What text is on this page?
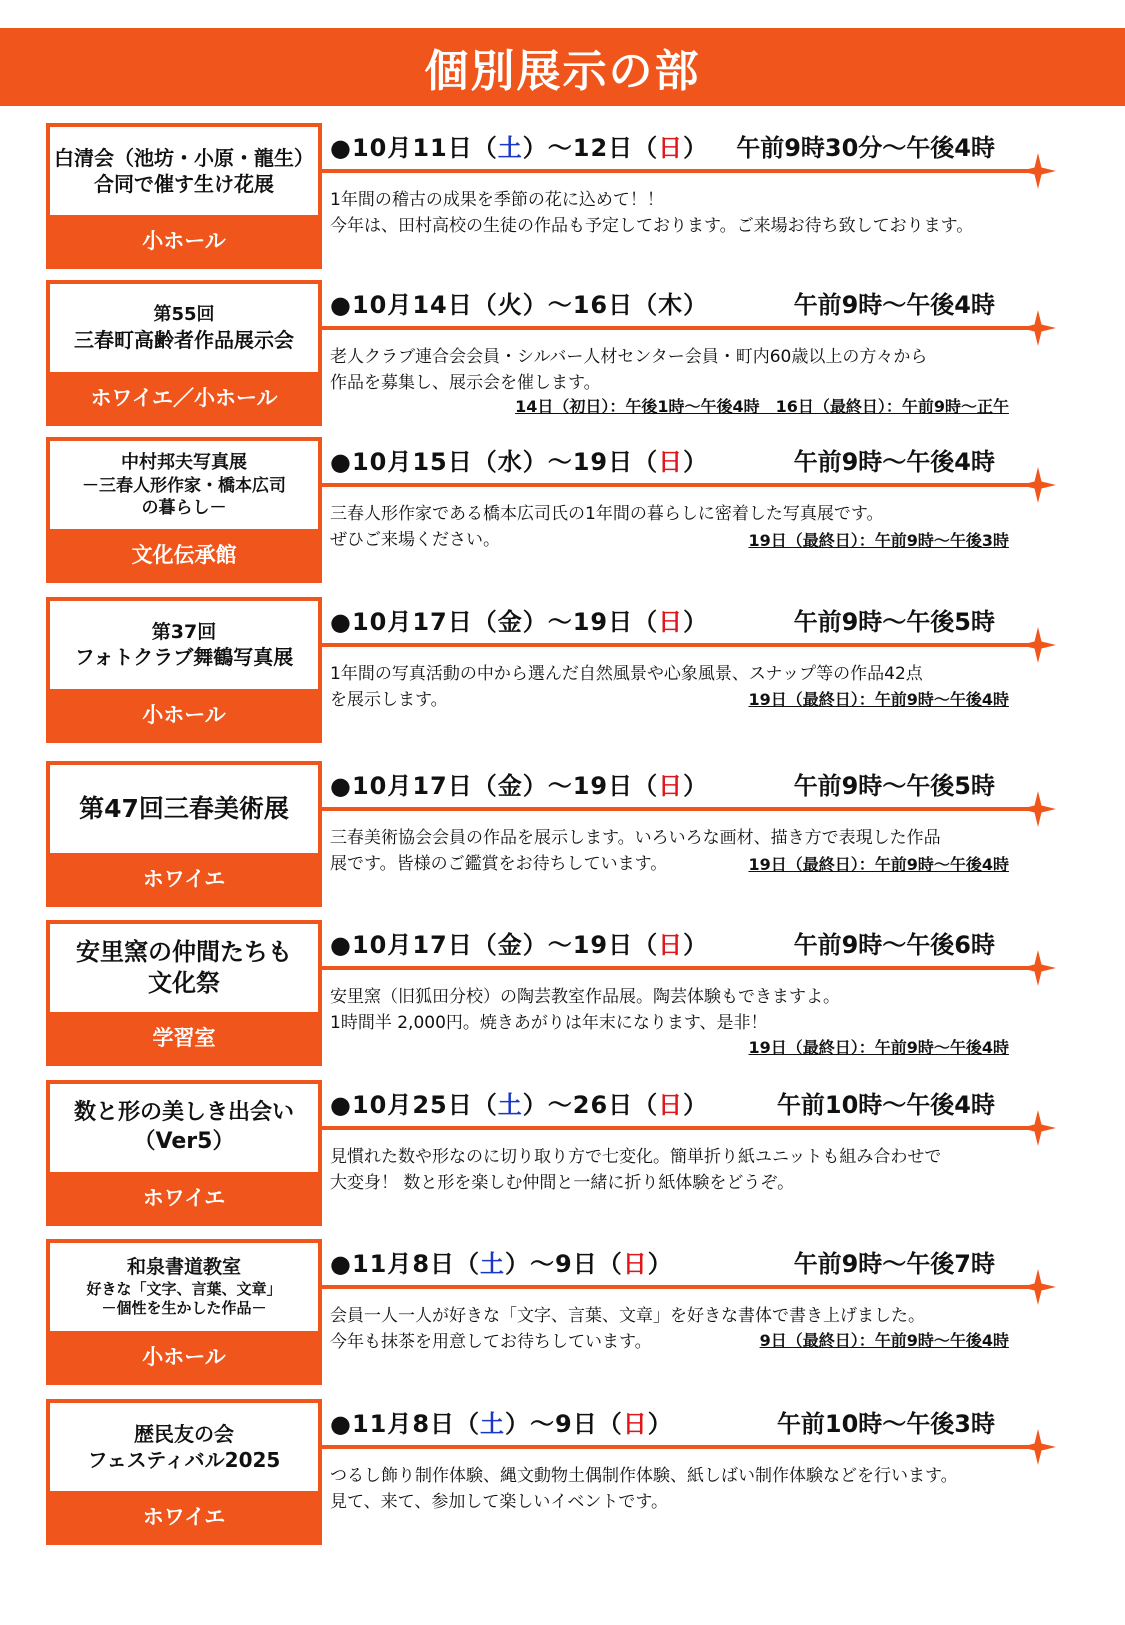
個別展示の部
白清会（池坊・小原・龍生）
合同で催す生け花展
小ホール
●10月11日（土）～12日（日） 午前9時30分～午後4時

1年間の稽古の成果を季節の花に込めて！！

今年は、田村高校の生徒の作品も予定しております。ご来場お待ち致しております。

第55回
三春町高齢者作品展示会
ホワイエ／小ホール
●10月14日（火）～16日（木）	午前9時～午後4時

老人クラブ連合会会員・シルバー人材センター会員・町内60歳以上の方々から

作品を募集し、展示会を催します。

14日（初日）：午後1時～午後4時　16日（最終日）：午前9時～正午
中村邦夫写真展
－三春人形作家・橋本広司
の暮らし－
文化伝承館
●10月15日（水）～19日（日）	午前9時～午後4時

三春人形作家である橋本広司氏の1年間の暮らしに密着した写真展です。

ぜひご来場ください。	19日（最終日）：午前9時～午後3時
第37回
フォトクラブ舞鶴写真展
小ホール
●10月17日（金）～19日（日）	午前9時～午後5時

1年間の写真活動の中から選んだ自然風景や心象風景、スナップ等の作品42点

を展示します。	19日（最終日）：午前9時～午後4時
第47回三春美術展
ホワイエ
●10月17日（金）～19日（日）	午前9時～午後5時

三春美術協会会員の作品を展示します。いろいろな画材、描き方で表現した作品

展です。皆様のご鑑賞をお待ちしています。	19日（最終日）：午前9時～午後4時
安里窯の仲間たちも
文化祭
学習室
●10月17日（金）～19日（日）	午前9時～午後6時

安里窯（旧狐田分校）の陶芸教室作品展。陶芸体験もできますよ。

1時間半 2,000円。焼きあがりは年末になります、是非！

19日（最終日）：午前9時～午後4時
数と形の美しき出会い
（Ver5）
ホワイエ
●10月25日（土）～26日（日）	午前10時～午後4時

見慣れた数や形なのに切り取り方で七変化。簡単折り紙ユニットも組み合わせで

大変身！ 数と形を楽しむ仲間と一緒に折り紙体験をどうぞ。

和泉書道教室
好きな「文字、言葉、文章」
－個性を生かした作品－
小ホール
●11月8日（土）～9日（日）	午前9時～午後7時

会員一人一人が好きな「文字、言葉、文章」を好きな書体で書き上げました。

今年も抹茶を用意してお待ちしています。	9日（最終日）：午前9時～午後4時
歴民友の会
フェスティバル2025
ホワイエ
●11月8日（土）～9日（日）	午前10時～午後3時

つるし飾り制作体験、縄文動物土偶制作体験、紙しばい制作体験などを行います。

見て、来て、参加して楽しいイベントです。
